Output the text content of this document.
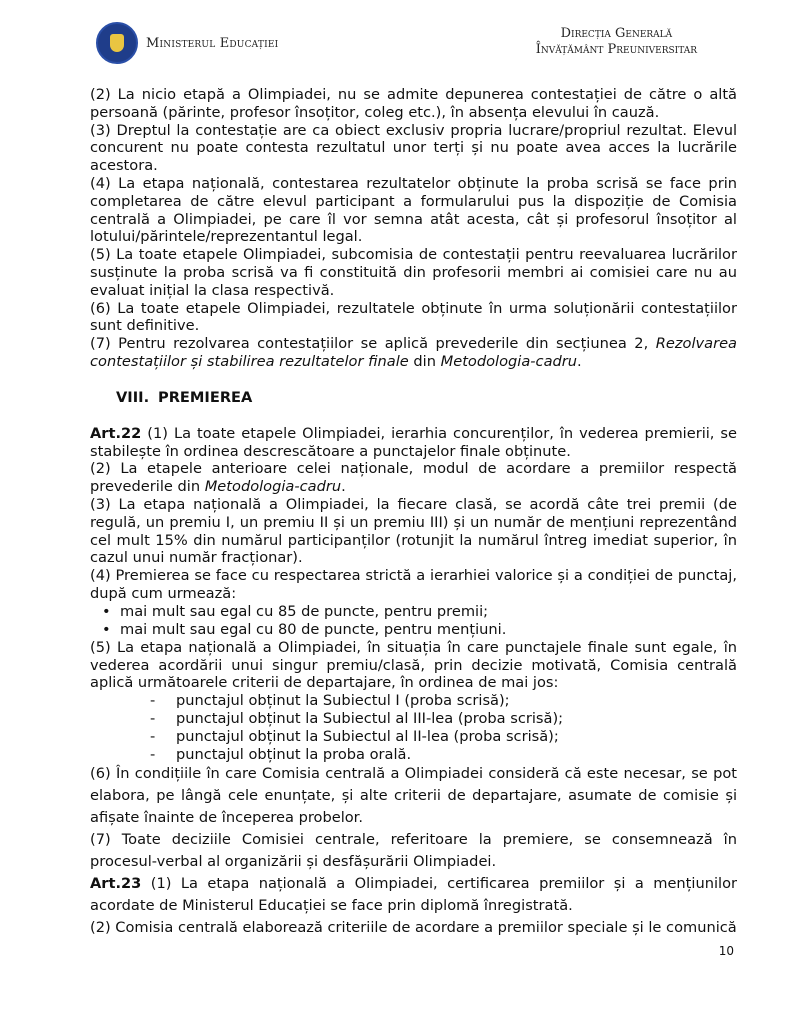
Ministerul Educației
Direcția Generală
Învățământ Preuniversitar
(2) La nicio etapă a Olimpiadei, nu se admite depunerea contestației de către o altă persoană (părinte, profesor însoțitor, coleg etc.), în absența elevului în cauză.
(3) Dreptul la contestație are ca obiect exclusiv propria lucrare/propriul rezultat. Elevul concurent nu poate contesta rezultatul unor terți și nu poate avea acces la lucrările acestora.
(4) La etapa națională, contestarea rezultatelor obținute la proba scrisă se face prin completarea de către elevul participant a formularului pus la dispoziție de Comisia centrală a Olimpiadei, pe care îl vor semna atât acesta, cât și profesorul însoțitor al lotului/părintele/reprezentantul legal.
(5) La toate etapele Olimpiadei, subcomisia de contestații pentru reevaluarea lucrărilor susținute la proba scrisă va fi constituită din profesorii membri ai comisiei care nu au evaluat inițial la clasa respectivă.
(6) La toate etapele Olimpiadei, rezultatele obținute în urma soluționării contestațiilor sunt definitive.
(7) Pentru rezolvarea contestațiilor se aplică prevederile din secțiunea 2, Rezolvarea contestațiilor și stabilirea rezultatelor finale din Metodologia-cadru.
VIII. PREMIEREA
Art.22 (1) La toate etapele Olimpiadei, ierarhia concurenților, în vederea premierii, se stabilește în ordinea descrescătoare a punctajelor finale obținute.
(2) La etapele anterioare celei naționale, modul de acordare a premiilor respectă prevederile din Metodologia-cadru.
(3) La etapa națională a Olimpiadei, la fiecare clasă, se acordă câte trei premii (de regulă, un premiu I, un premiu II și un premiu III) și un număr de mențiuni reprezentând cel mult 15% din numărul participanților (rotunjit la numărul întreg imediat superior, în cazul unui număr fracționar).
(4) Premierea se face cu respectarea strictă a ierarhiei valorice și a condiției de punctaj, după cum urmează:
• mai mult sau egal cu 85 de puncte, pentru premii;
• mai mult sau egal cu 80 de puncte, pentru mențiuni.
(5) La etapa națională a Olimpiadei, în situația în care punctajele finale sunt egale, în vederea acordării unui singur premiu/clasă, prin decizie motivată, Comisia centrală aplică următoarele criterii de departajare, în ordinea de mai jos:
- punctajul obținut la Subiectul I (proba scrisă);
- punctajul obținut la Subiectul al III-lea (proba scrisă);
- punctajul obținut la Subiectul al II-lea (proba scrisă);
- punctajul obținut la proba orală.
(6) În condițiile în care Comisia centrală a Olimpiadei consideră că este necesar, se pot elabora, pe lângă cele enunțate, și alte criterii de departajare, asumate de comisie și afișate înainte de începerea probelor.
(7) Toate deciziile Comisiei centrale, referitoare la premiere, se consemnează în procesul-verbal al organizării și desfășurării Olimpiadei.
Art.23 (1) La etapa națională a Olimpiadei, certificarea premiilor și a mențiunilor acordate de Ministerul Educației se face prin diplomă înregistrată.
(2) Comisia centrală elaborează criteriile de acordare a premiilor speciale și le comunică
10
